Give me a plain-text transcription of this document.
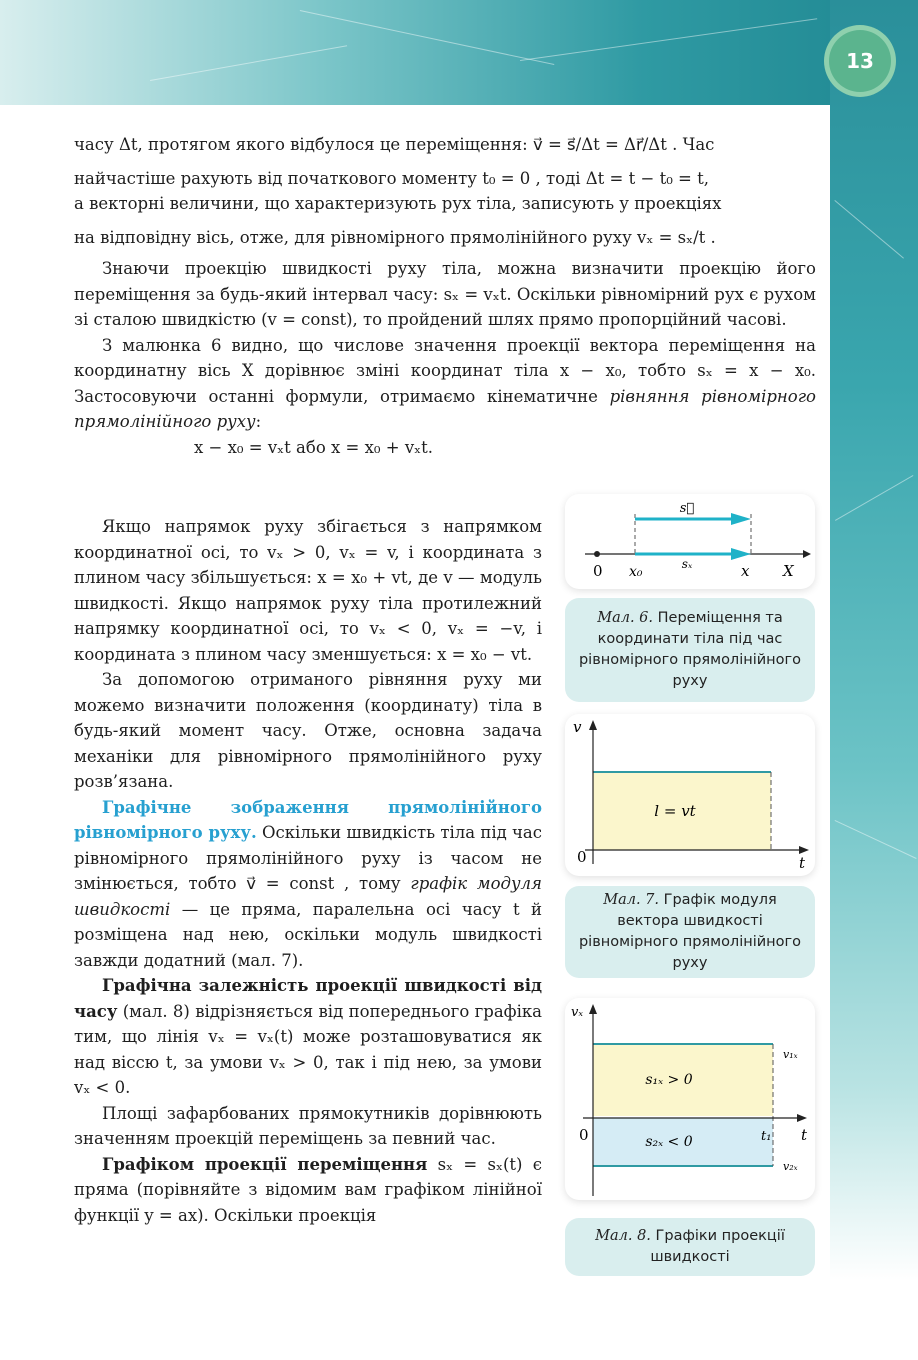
13

часу Δt, протягом якого відбулося це переміщення: v⃗ = s⃗/Δt = Δr⃗/Δt . Час

найчастіше рахують від початкового моменту t₀ = 0 , тоді Δt = t − t₀ = t,

а векторні величини, що характеризують рух тіла, записують у проекціях

на відповідну вісь, отже, для рівномірного прямолінійного руху vₓ = sₓ/t .

Знаючи проекцію швидкості руху тіла, можна визначити проекцію його переміщення за будь-який інтервал часу: sₓ = vₓt. Оскільки рівномірний рух є рухом зі сталою швидкістю (v = const), то пройдений шлях прямо пропорційний часові.

З малюнка 6 видно, що числове значення проекції вектора переміщення на координатну вісь X дорівнює зміні координат тіла x − x₀, тобто sₓ = x − x₀. Застосовуючи останні формули, отримаємо кінематичне рівняння рівномірного прямолінійного руху:

x − x₀ = vₓt або x = x₀ + vₓt.

Якщо напрямок руху збігається з напрямком координатної осі, то vₓ > 0, vₓ = v, і координата з плином часу збільшується: x = x₀ + vt, де v — модуль швидкості. Якщо напрямок руху тіла протилежний напрямку координатної осі, то vₓ < 0, vₓ = −v, і координата з плином часу зменшується: x = x₀ − vt.

За допомогою отриманого рівняння руху ми можемо визначити положення (координату) тіла в будь-який момент часу. Отже, основна задача механіки для рівномірного прямолінійного руху розв’язана.

Графічне зображення прямолінійного рівномірного руху. Оскільки швидкість тіла під час рівномірного прямолінійного руху із часом не змінюється, тобто v⃗ = const , тому графік модуля швидкості — це пряма, паралельна осі часу t й розміщена над нею, оскільки модуль швидкості завжди додатний (мал. 7).

Графічна залежність проекції швидкості від часу (мал. 8) відрізняється від попереднього графіка тим, що лінія vₓ = vₓ(t) може розташовуватися як над віссю t, за умови vₓ > 0, так і під нею, за умови vₓ < 0.

Площі зафарбованих прямокутників дорівнюють значенням проекцій переміщень за певний час.

Графіком проекції переміщення sₓ = sₓ(t) є пряма (порівняйте з відомим вам графіком лінійної функції y = ax). Оскільки проекція

s⃗
sₓ
0 x₀	x X
Мал. 6. Переміщення та координати тіла під час рівномірного прямолінійного руху
v
t
0
l = vt
Мал. 7. Графік модуля вектора швидкості рівномірного прямолінійного руху
vₓ
t
0	t₁
v₁ₓ
v₂ₓ
s₁ₓ > 0
s₂ₓ < 0
Мал. 8. Графіки проекції швидкості
